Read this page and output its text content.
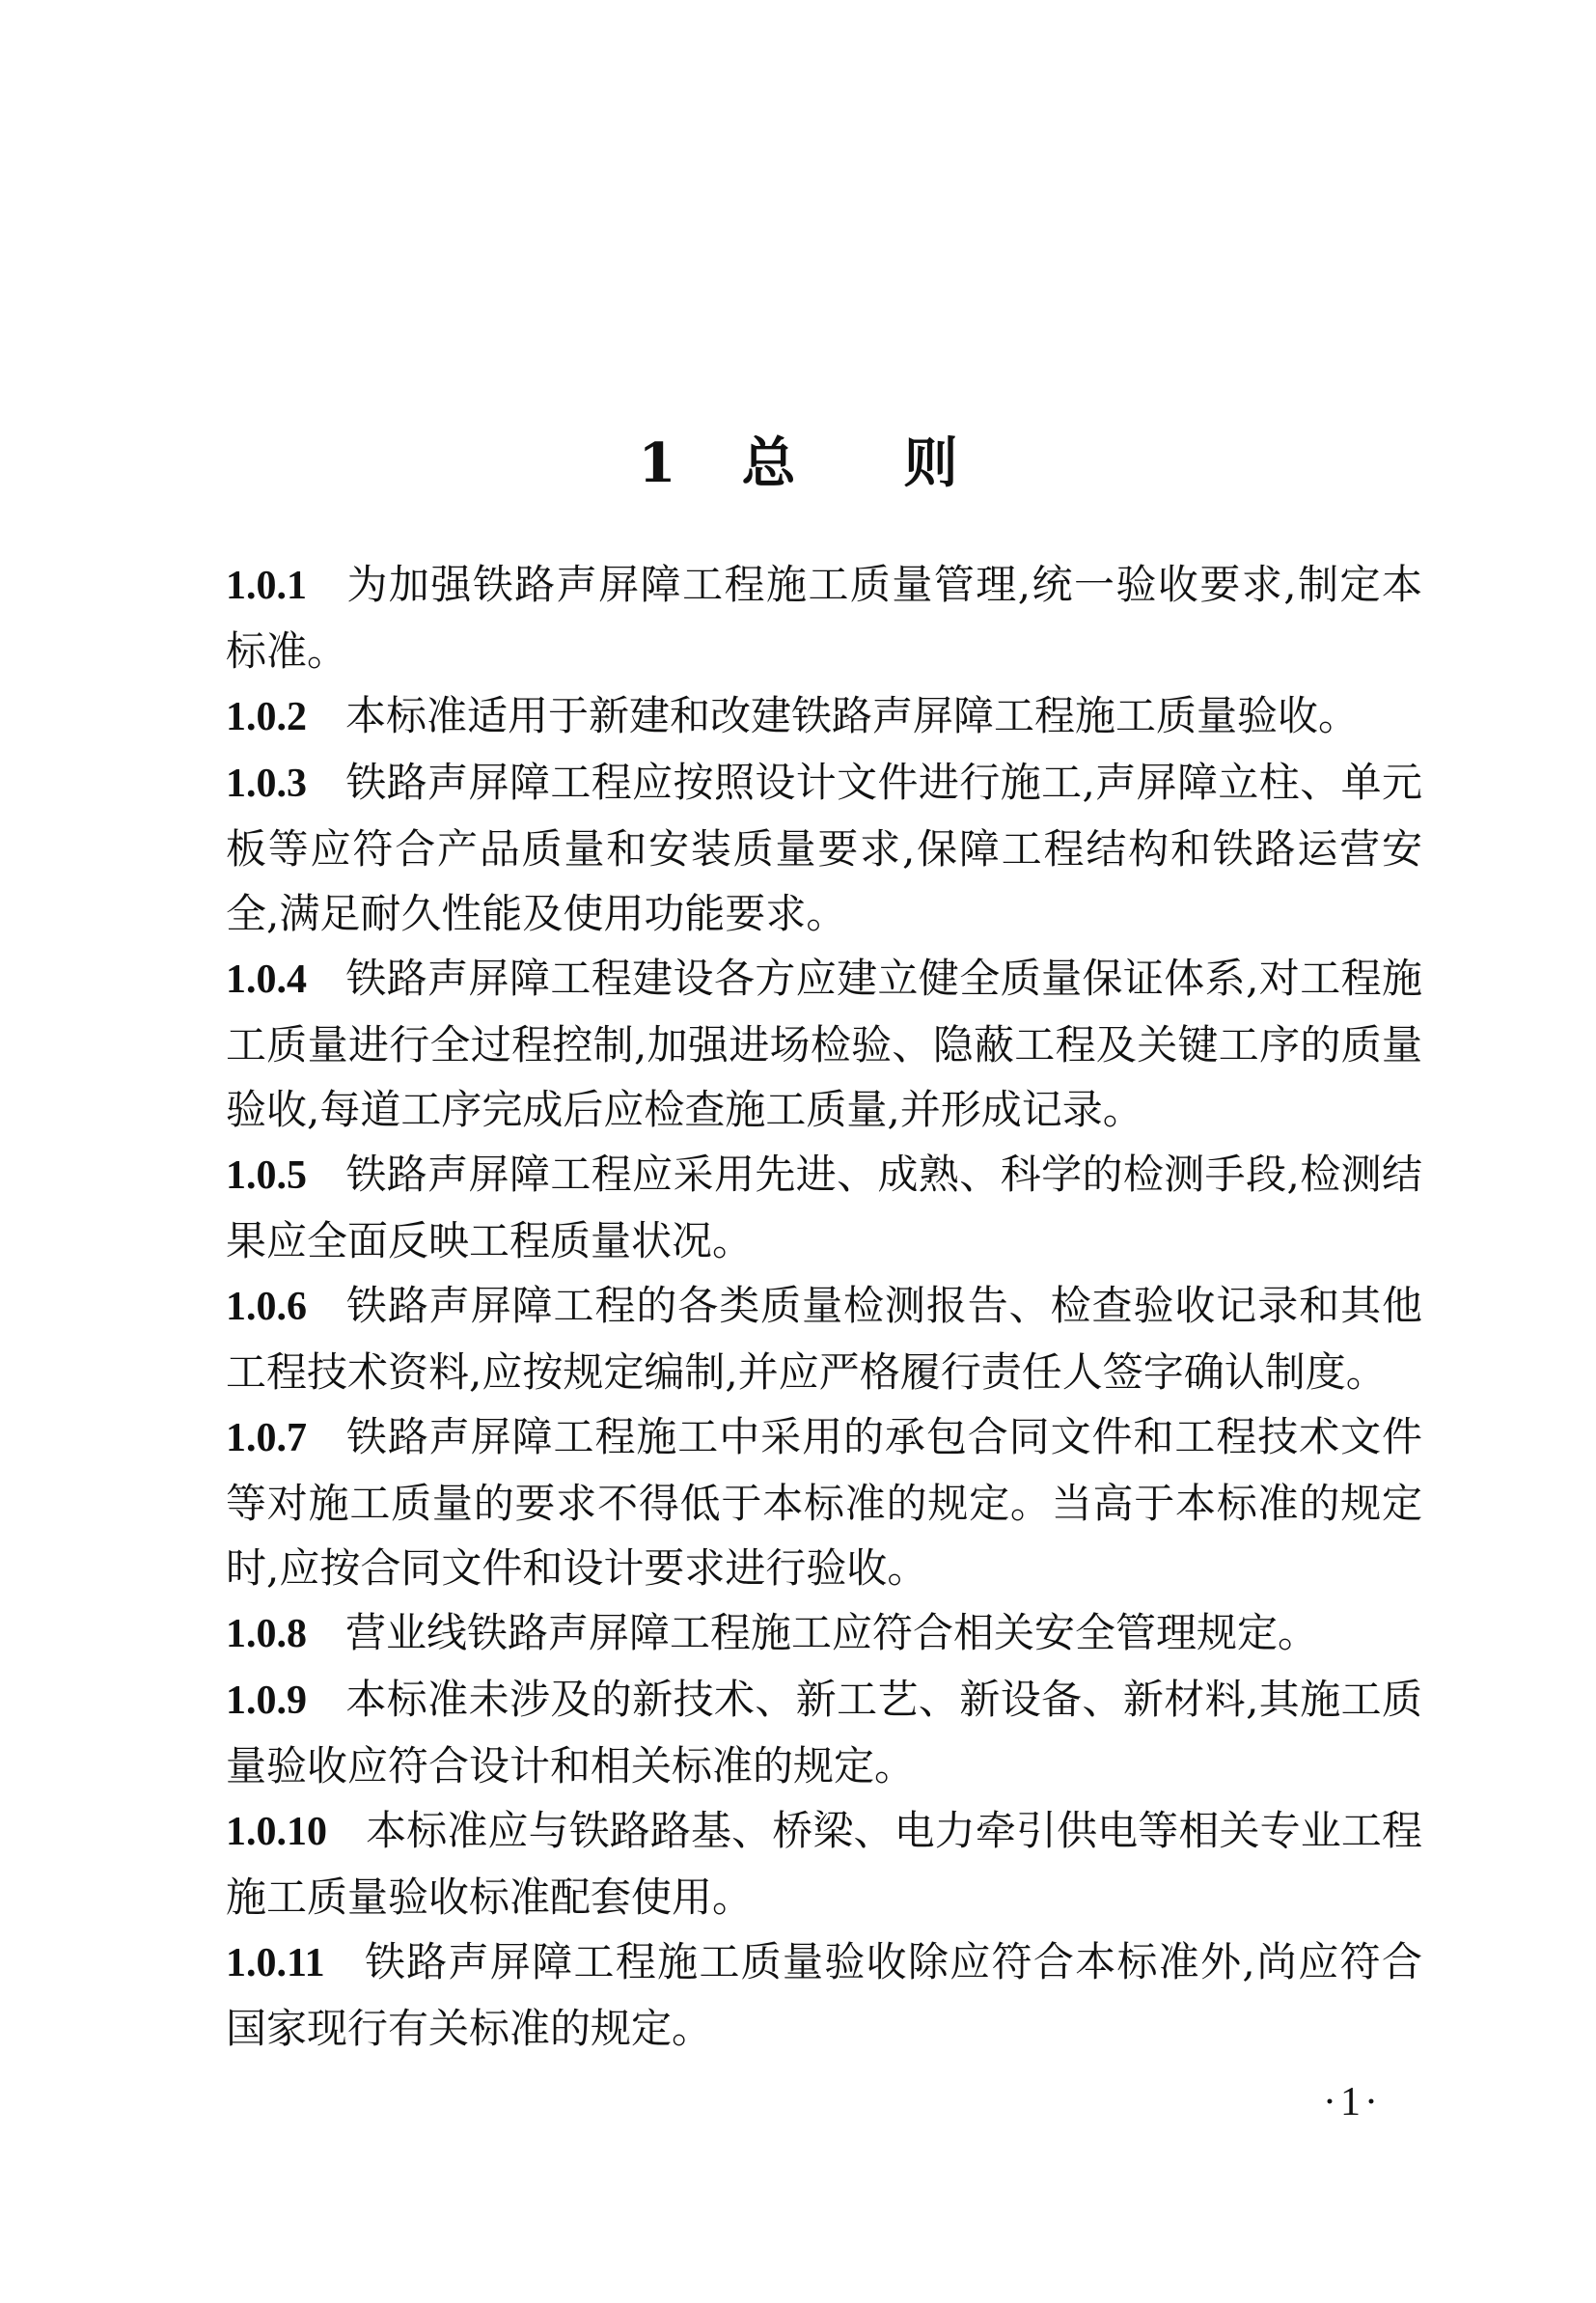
1 总 则

1.0.1 为加强铁路声屏障工程施工质量管理,统一验收要求,制定本标准。

1.0.2 本标准适用于新建和改建铁路声屏障工程施工质量验收。

1.0.3 铁路声屏障工程应按照设计文件进行施工,声屏障立柱、单元板等应符合产品质量和安装质量要求,保障工程结构和铁路运营安全,满足耐久性能及使用功能要求。

1.0.4 铁路声屏障工程建设各方应建立健全质量保证体系,对工程施工质量进行全过程控制,加强进场检验、隐蔽工程及关键工序的质量验收,每道工序完成后应检查施工质量,并形成记录。

1.0.5 铁路声屏障工程应采用先进、成熟、科学的检测手段,检测结果应全面反映工程质量状况。

1.0.6 铁路声屏障工程的各类质量检测报告、检查验收记录和其他工程技术资料,应按规定编制,并应严格履行责任人签字确认制度。

1.0.7 铁路声屏障工程施工中采用的承包合同文件和工程技术文件等对施工质量的要求不得低于本标准的规定。当高于本标准的规定时,应按合同文件和设计要求进行验收。

1.0.8 营业线铁路声屏障工程施工应符合相关安全管理规定。

1.0.9 本标准未涉及的新技术、新工艺、新设备、新材料,其施工质量验收应符合设计和相关标准的规定。

1.0.10 本标准应与铁路路基、桥梁、电力牵引供电等相关专业工程施工质量验收标准配套使用。

1.0.11 铁路声屏障工程施工质量验收除应符合本标准外,尚应符合国家现行有关标准的规定。

·1·
